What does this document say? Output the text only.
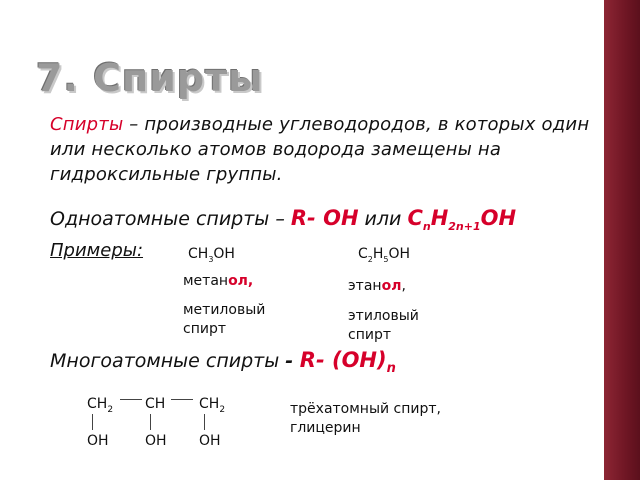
7. Спирты
Спирты – производные углеводородов, в которых один или несколько атомов водорода замещены на гидроксильные группы.
Одноатомные спирты – R- OH или $C_nH_{2n+1}OH$
Примеры:	$CH_3OH$
метанол,
метиловый спирт
$C_2H_5OH$
этанол,
этиловый спирт
Многоатомные спирты - R- $(OH)_n$
$CH_2$ CH $CH_2$
OH	OH OH
трёхатомный спирт, глицерин
